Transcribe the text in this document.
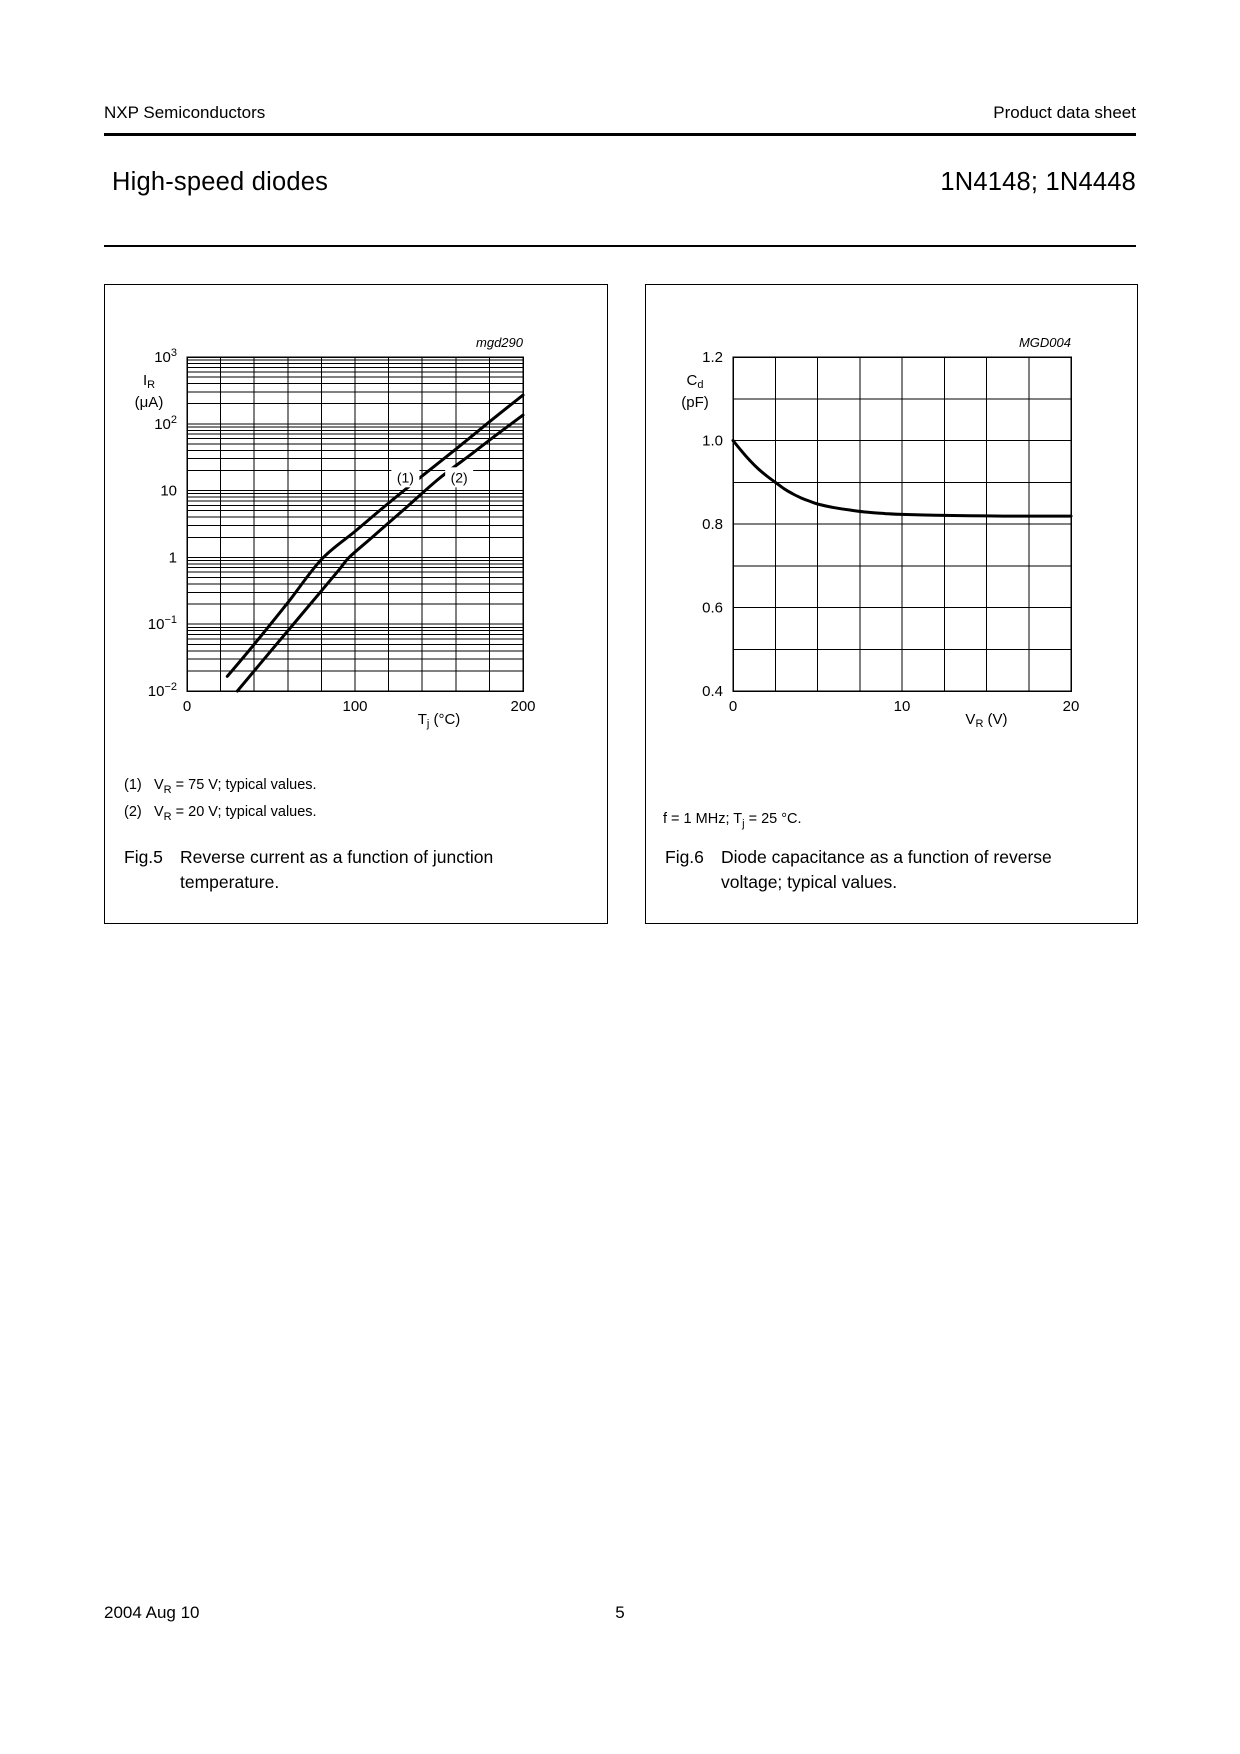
NXP Semiconductors	Product data sheet
High-speed diodes	1N4148; 1N4448
0	100	200
$10^3$
$10^2$
10
1
$10^{-1}$
$10^{-2}$
$I_R$
(μA)
$T_j$ (°C)
mgd290
(1)	(2)
(1) $V_R = 75$ V; typical values.
(2) $V_R = 20$ V; typical values.
Fig.5 Reverse current as a function of junction temperature.
0	10	20
1.2
1.0
0.8
0.6
0.4
$C_d$
(pF)
$V_R$ (V)
MGD004
f = 1 MHz; $T_j = 25$ °C.
Fig.6 Diode capacitance as a function of reverse voltage; typical values.
2004 Aug 10	5
